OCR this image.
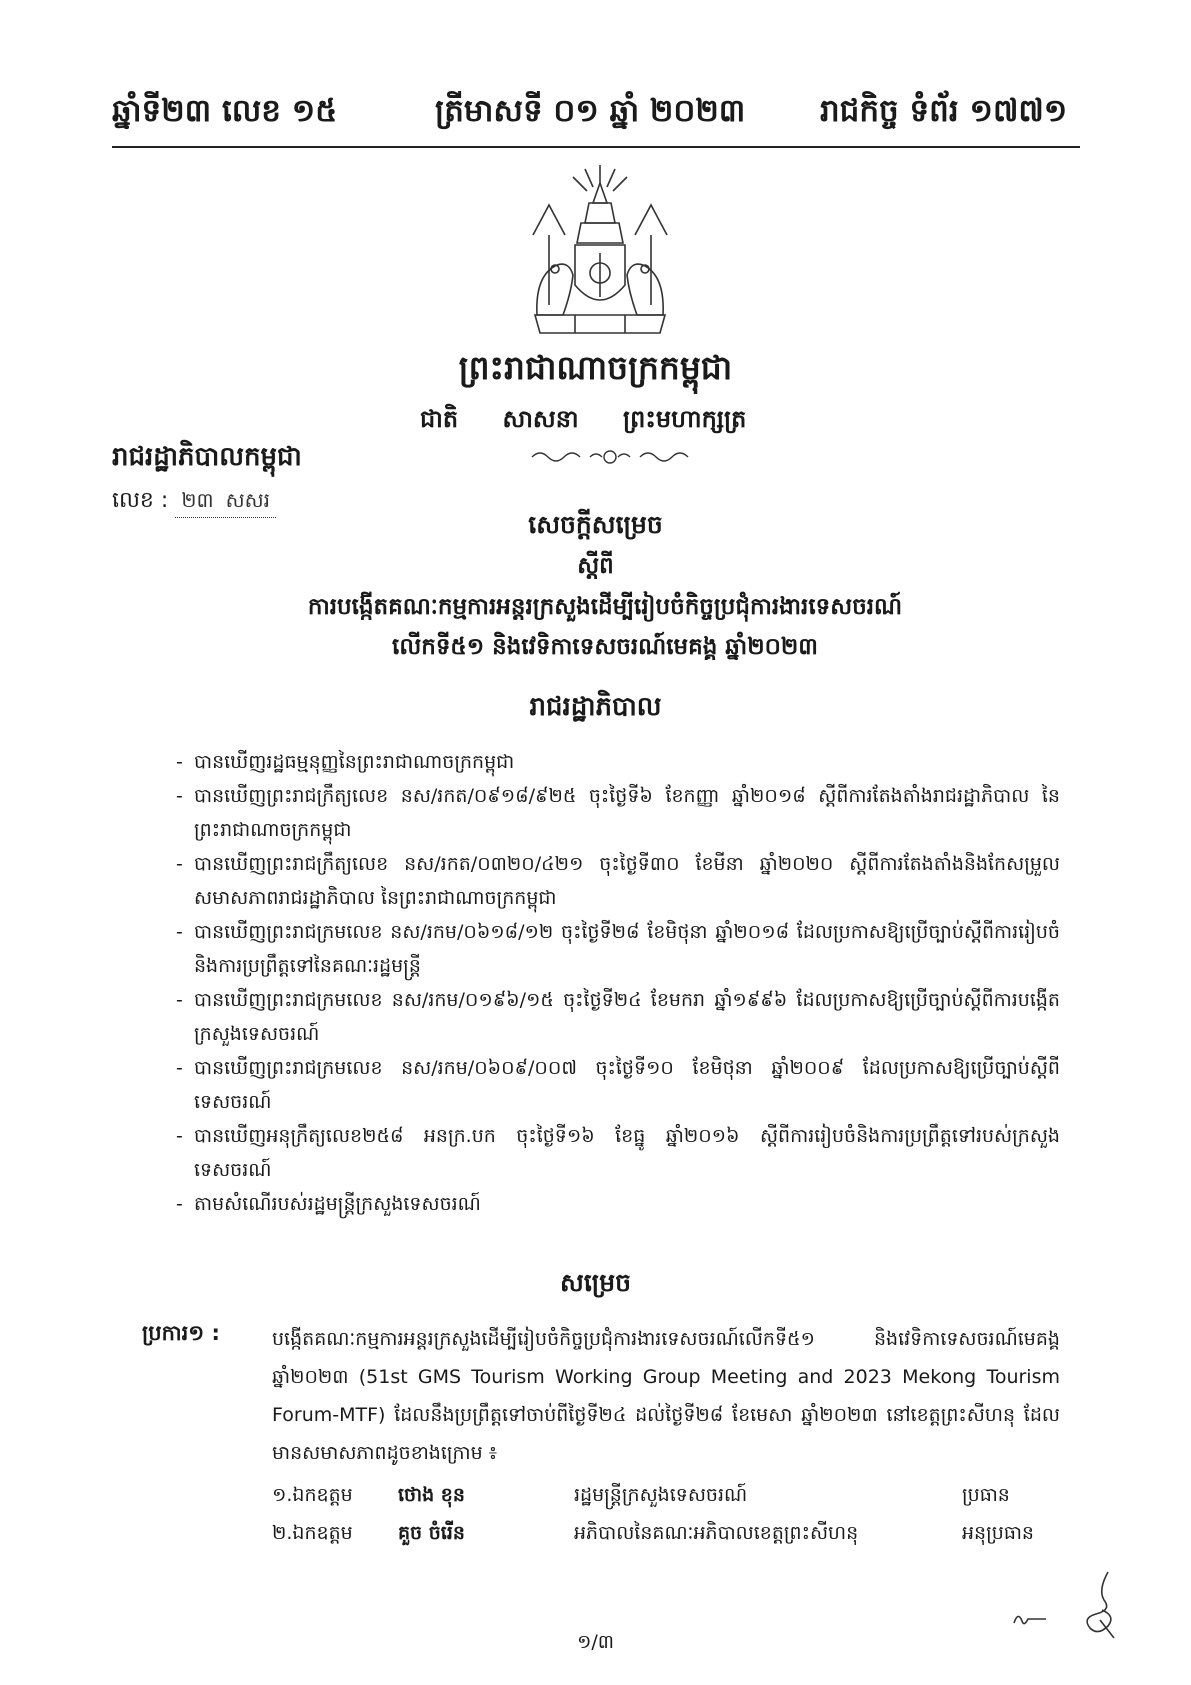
ឆ្នាំទី២៣ លេខ ១៥	ត្រីមាសទី ០១ ឆ្នាំ ២០២៣ រាជកិច្ច ទំព័រ ១៧៧១
ព្រះរាជាណាចក្រកម្ពុជា
ជាតិ សាសនា ព្រះមហាក្សត្រ
រាជរដ្ឋាភិបាលកម្ពុជា
លេខ : ២៣ សសរ
សេចក្តីសម្រេច
ស្តីពី
ការបង្កើតគណៈកម្មការអន្តរក្រសួងដើម្បីរៀបចំកិច្ចប្រជុំការងារទេសចរណ៍
លើកទី៥១ និងវេទិកាទេសចរណ៍មេគង្គ ឆ្នាំ២០២៣
រាជរដ្ឋាភិបាល
- បានឃើញរដ្ឋធម្មនុញ្ញនៃព្រះរាជាណាចក្រកម្ពុជា
- បានឃើញព្រះរាជក្រឹត្យលេខ នស/រកត/០៩១៨/៩២៥ ចុះថ្ងៃទី៦ ខែកញ្ញា ឆ្នាំ២០១៨ ស្តីពីការតែងតាំងរាជរដ្ឋាភិបាល នៃព្រះរាជាណាចក្រកម្ពុជា
- បានឃើញព្រះរាជក្រឹត្យលេខ នស/រកត/០៣២០/៤២១ ចុះថ្ងៃទី៣០ ខែមីនា ឆ្នាំ២០២០ ស្តីពីការតែងតាំងនិងកែសម្រួលសមាសភាពរាជរដ្ឋាភិបាល នៃព្រះរាជាណាចក្រកម្ពុជា
- បានឃើញព្រះរាជក្រមលេខ នស/រកម/០៦១៨/១២ ចុះថ្ងៃទី២៨ ខែមិថុនា ឆ្នាំ២០១៨ ដែលប្រកាសឱ្យប្រើច្បាប់ស្តីពីការរៀបចំនិងការប្រព្រឹត្តទៅនៃគណៈរដ្ឋមន្ត្រី
- បានឃើញព្រះរាជក្រមលេខ នស/រកម/០១៩៦/១៥ ចុះថ្ងៃទី២៤ ខែមករា ឆ្នាំ១៩៩៦ ដែលប្រកាសឱ្យប្រើច្បាប់ស្តីពីការបង្កើតក្រសួងទេសចរណ៍
- បានឃើញព្រះរាជក្រមលេខ នស/រកម/០៦០៩/០០៧ ចុះថ្ងៃទី១០ ខែមិថុនា ឆ្នាំ២០០៩ ដែលប្រកាសឱ្យប្រើច្បាប់ស្តីពីទេសចរណ៍
- បានឃើញអនុក្រឹត្យលេខ២៥៨ អនក្រ.បក ចុះថ្ងៃទី១៦ ខែធ្នូ ឆ្នាំ២០១៦ ស្តីពីការរៀបចំនិងការប្រព្រឹត្តទៅរបស់ក្រសួងទេសចរណ៍
- តាមសំណើរបស់រដ្ឋមន្ត្រីក្រសួងទេសចរណ៍
សម្រេច
ប្រការ១ :	បង្កើតគណៈកម្មការអន្តរក្រសួងដើម្បីរៀបចំកិច្ចប្រជុំការងារទេសចរណ៍លើកទី៥១ និងវេទិកាទេសចរណ៍មេគង្គ ឆ្នាំ២០២៣ (51st GMS Tourism Working Group Meeting and 2023 Mekong Tourism Forum-MTF) ដែលនឹងប្រព្រឹត្តទៅចាប់ពីថ្ងៃទី២៤ ដល់ថ្ងៃទី២៨ ខែមេសា ឆ្នាំ២០២៣ នៅខេត្តព្រះសីហនុ ដែលមានសមាសភាពដូចខាងក្រោម ៖
១.ឯកឧត្តម	ថោង ខុន	រដ្ឋមន្ត្រីក្រសួងទេសចរណ៍	ប្រធាន
២.ឯកឧត្តម	គួច ចំរើន	អភិបាលនៃគណៈអភិបាលខេត្តព្រះសីហនុ	អនុប្រធាន
១/៣
